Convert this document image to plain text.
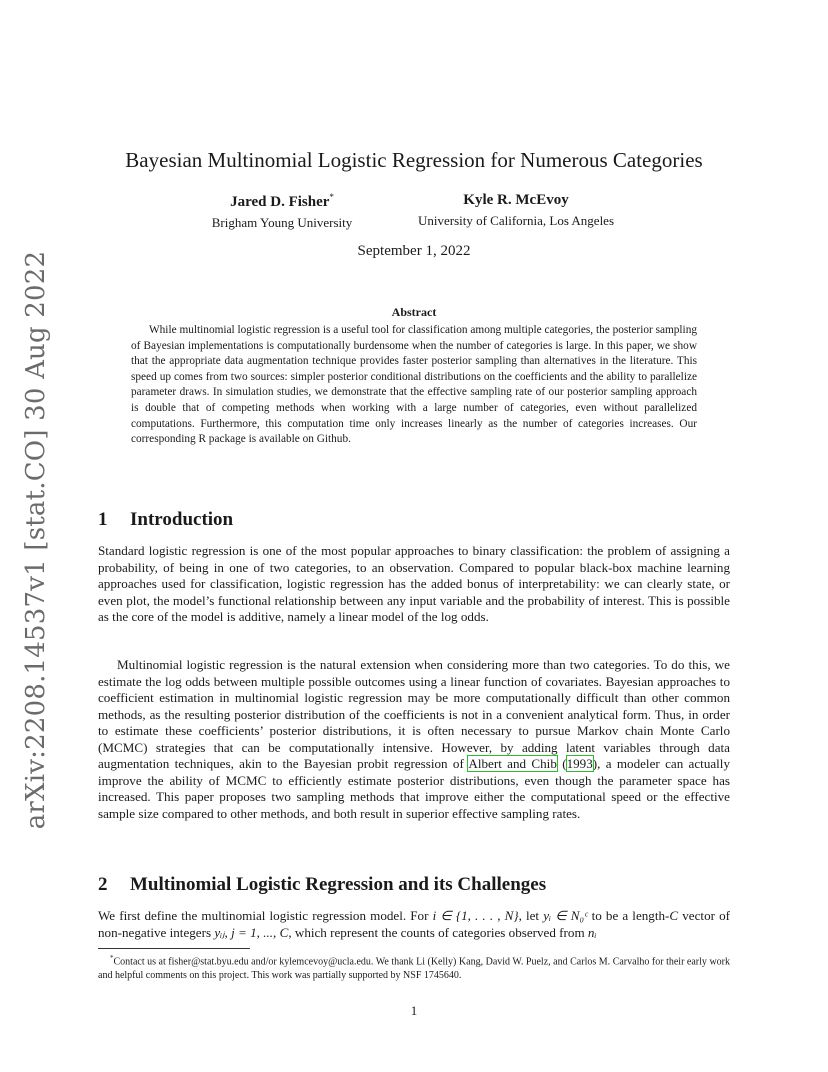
arXiv:2208.14537v1 [stat.CO] 30 Aug 2022
Bayesian Multinomial Logistic Regression for Numerous Categories
Jared D. Fisher*
Brigham Young University
Kyle R. McEvoy
University of California, Los Angeles
September 1, 2022
Abstract

While multinomial logistic regression is a useful tool for classification among multiple categories, the posterior sampling of Bayesian implementations is computationally burdensome when the number of categories is large. In this paper, we show that the appropriate data augmentation technique provides faster posterior sampling than alternatives in the literature. This speed up comes from two sources: simpler posterior conditional distributions on the coefficients and the ability to parallelize parameter draws. In simulation studies, we demonstrate that the effective sampling rate of our posterior sampling approach is double that of competing methods when working with a large number of categories, even without parallelized computations. Furthermore, this computation time only increases linearly as the number of categories increases. Our corresponding R package is available on Github.

1 Introduction

Standard logistic regression is one of the most popular approaches to binary classification: the problem of assigning a probability, of being in one of two categories, to an observation. Compared to popular black-box machine learning approaches used for classification, logistic regression has the added bonus of interpretability: we can clearly state, or even plot, the model’s functional relationship between any input variable and the probability of interest. This is possible as the core of the model is additive, namely a linear model of the log odds.

Multinomial logistic regression is the natural extension when considering more than two categories. To do this, we estimate the log odds between multiple possible outcomes using a linear function of covariates. Bayesian approaches to coefficient estimation in multinomial logistic regression may be more computationally difficult than other common methods, as the resulting posterior distribution of the coefficients is not in a convenient analytical form. Thus, in order to estimate these coefficients’ posterior distributions, it is often necessary to pursue Markov chain Monte Carlo (MCMC) strategies that can be computationally intensive. However, by adding latent variables through data augmentation techniques, akin to the Bayesian probit regression of Albert and Chib (1993), a modeler can actually improve the ability of MCMC to efficiently estimate posterior distributions, even though the parameter space has increased. This paper proposes two sampling methods that improve either the computational speed or the effective sample size compared to other methods, and both result in superior effective sampling rates.

2 Multinomial Logistic Regression and its Challenges

We first define the multinomial logistic regression model. For i ∈ {1, . . . , N}, let yᵢ ∈ N₀ᶜ to be a length-C vector of non-negative integers yᵢⱼ, j = 1, ..., C, which represent the counts of categories observed from nᵢ

*Contact us at fisher@stat.byu.edu and/or kylemcevoy@ucla.edu. We thank Li (Kelly) Kang, David W. Puelz, and Carlos M. Carvalho for their early work and helpful comments on this project. This work was partially supported by NSF 1745640.

1
